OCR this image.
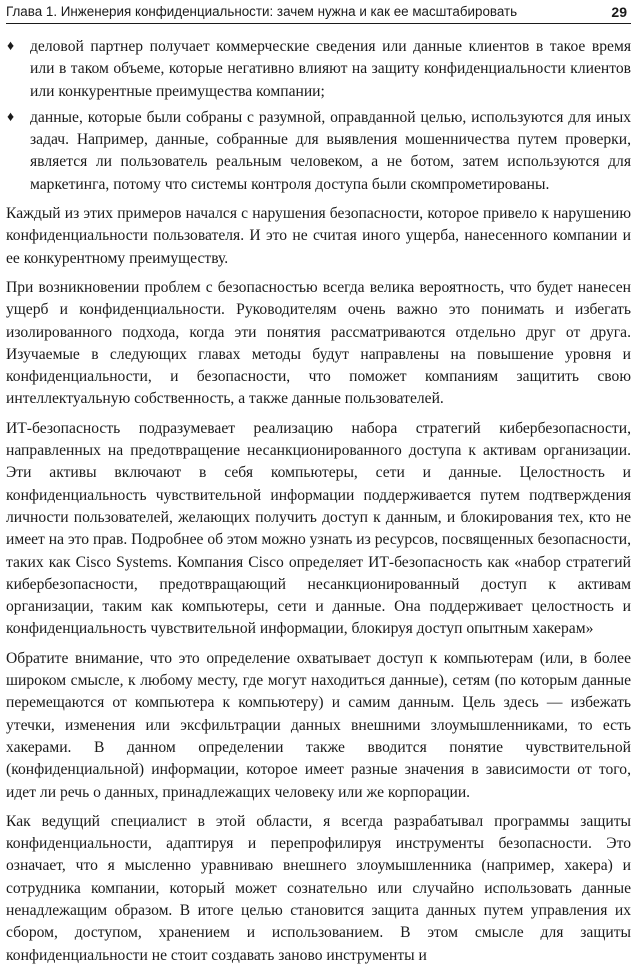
Глава 1. Инженерия конфиденциальности: зачем нужна и как ее масштабировать	29
♦ деловой партнер получает коммерческие сведения или данные клиентов в такое время или в таком объеме, которые негативно влияют на защиту конфиденциальности клиентов или конкурентные преимущества компании;
♦ данные, которые были собраны с разумной, оправданной целью, используются для иных задач. Например, данные, собранные для выявления мошенничества путем проверки, является ли пользователь реальным человеком, а не ботом, затем используются для маркетинга, потому что системы контроля доступа были скомпрометированы.

Каждый из этих примеров начался с нарушения безопасности, которое привело к нарушению конфиденциальности пользователя. И это не считая иного ущерба, нанесенного компании и ее конкурентному преимуществу.

При возникновении проблем с безопасностью всегда велика вероятность, что будет нанесен ущерб и конфиденциальности. Руководителям очень важно это понимать и избегать изолированного подхода, когда эти понятия рассматриваются отдельно друг от друга. Изучаемые в следующих главах методы будут направлены на повышение уровня и конфиденциальности, и безопасности, что поможет компаниям защитить свою интеллектуальную собственность, а также данные пользователей.

ИТ-безопасность подразумевает реализацию набора стратегий кибербезопасности, направленных на предотвращение несанкционированного доступа к активам организации. Эти активы включают в себя компьютеры, сети и данные. Целостность и конфиденциальность чувствительной информации поддерживается путем подтверждения личности пользователей, желающих получить доступ к данным, и блокирования тех, кто не имеет на это прав. Подробнее об этом можно узнать из ресурсов, посвященных безопасности, таких как Cisco Systems. Компания Cisco определяет ИТ-безопасность как «набор стратегий кибербезопасности, предотвращающий несанкционированный доступ к активам организации, таким как компьютеры, сети и данные. Она поддерживает целостность и конфиденциальность чувствительной информации, блокируя доступ опытным хакерам»

Обратите внимание, что это определение охватывает доступ к компьютерам (или, в более широком смысле, к любому месту, где могут находиться данные), сетям (по которым данные перемещаются от компьютера к компьютеру) и самим данным. Цель здесь — избежать утечки, изменения или эксфильтрации данных внешними злоумышленниками, то есть хакерами. В данном определении также вводится понятие чувствительной (конфиденциальной) информации, которое имеет разные значения в зависимости от того, идет ли речь о данных, принадлежащих человеку или же корпорации.

Как ведущий специалист в этой области, я всегда разрабатывал программы защиты конфиденциальности, адаптируя и перепрофилируя инструменты безопасности. Это означает, что я мысленно уравниваю внешнего злоумышленника (например, хакера) и сотрудника компании, который может сознательно или случайно использовать данные ненадлежащим образом. В итоге целью становится защита данных путем управления их сбором, доступом, хранением и использованием. В этом смысле для защиты конфиденциальности не стоит создавать заново инструменты и
